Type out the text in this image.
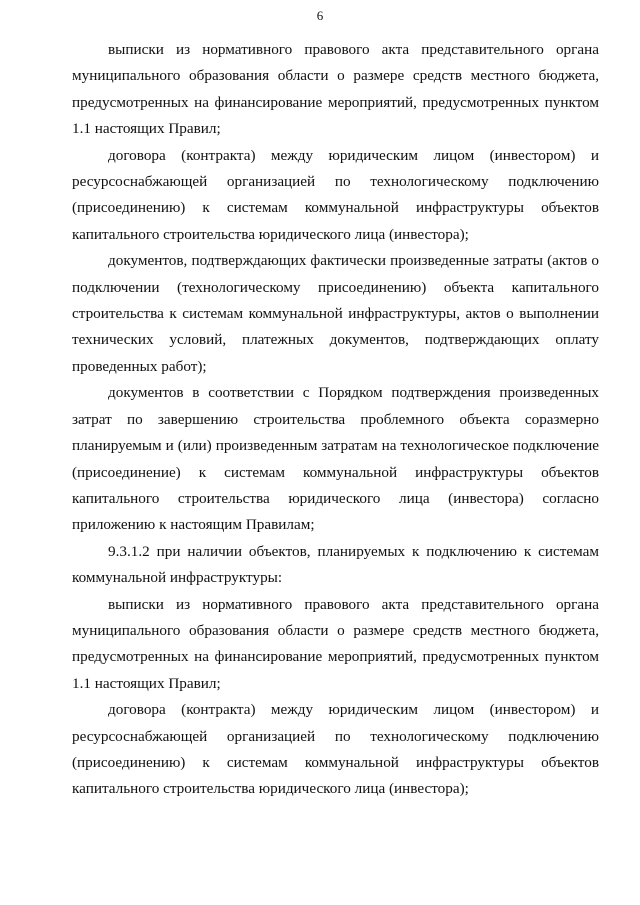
6

выписки из нормативного правового акта представительного органа муниципального образования области о размере средств местного бюджета, предусмотренных на финансирование мероприятий, предусмотренных пунктом 1.1 настоящих Правил;

договора (контракта) между юридическим лицом (инвестором) и ресурсоснабжающей организацией по технологическому подключению (присоединению) к системам коммунальной инфраструктуры объектов капитального строительства юридического лица (инвестора);

документов, подтверждающих фактически произведенные затраты (актов о подключении (технологическому присоединению) объекта капитального строительства к системам коммунальной инфраструктуры, актов о выполнении технических условий, платежных документов, подтверждающих оплату проведенных работ);

документов в соответствии с Порядком подтверждения произведенных затрат по завершению строительства проблемного объекта соразмерно планируемым и (или) произведенным затратам на технологическое подключение (присоединение) к системам коммунальной инфраструктуры объектов капитального строительства юридического лица (инвестора) согласно приложению к настоящим Правилам;

9.3.1.2 при наличии объектов, планируемых к подключению к системам коммунальной инфраструктуры:

выписки из нормативного правового акта представительного органа муниципального образования области о размере средств местного бюджета, предусмотренных на финансирование мероприятий, предусмотренных пунктом 1.1 настоящих Правил;

договора (контракта) между юридическим лицом (инвестором) и ресурсоснабжающей организацией по технологическому подключению (присоединению) к системам коммунальной инфраструктуры объектов капитального строительства юридического лица (инвестора);
